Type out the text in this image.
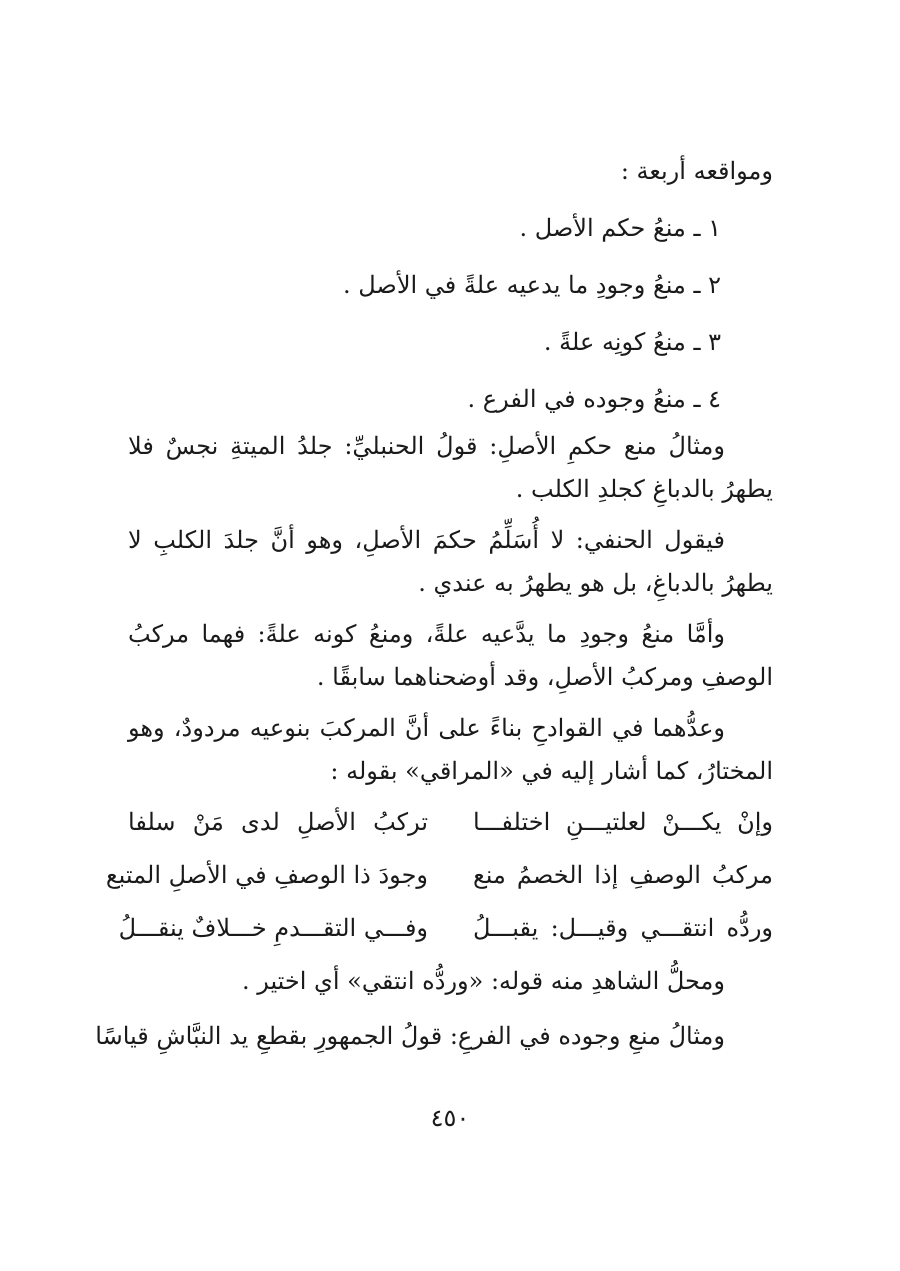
ومواقعه أربعة :
١ ـ منعُ حكم الأصل .
٢ ـ منعُ وجودِ ما يدعيه علةً في الأصل .
٣ ـ منعُ كونِه علةً .
٤ ـ منعُ وجوده في الفرع .
ومثالُ منع حكمِ الأصلِ: قولُ الحنبليِّ: جلدُ الميتةِ نجسٌ فلا يطهرُ بالدباغِ كجلدِ الكلب .
فيقول الحنفي: لا أُسَلِّمُ حكمَ الأصلِ، وهو أنَّ جلدَ الكلبِ لا يطهرُ بالدباغِ، بل هو يطهرُ به عندي .
وأمَّا منعُ وجودِ ما يدَّعيه علةً، ومنعُ كونه علةً: فهما مركبُ الوصفِ ومركبُ الأصلِ، وقد أوضحناهما سابقًا .
وعدُّهما في القوادحِ بناءً على أنَّ المركبَ بنوعيه مردودٌ، وهو المختارُ، كما أشار إليه في «المراقي» بقوله :
وإنْ يكـــنْ لعلتيـــنِ اختلفـــا
تركبُ الأصلِ لدى مَنْ سلفا
مركبُ الوصفِ إذا الخصمُ منع
وجودَ ذا الوصفِ في الأصلِ المتبع
وردُّه انتقـــي وقيـــل: يقبـــلُ
وفـــي التقـــدمِ خـــلافٌ ينقـــلُ
ومحلُّ الشاهدِ منه قوله: «وردُّه انتقي» أي اختير .
ومثالُ منعِ وجوده في الفرعِ: قولُ الجمهورِ بقطعِ يد النبَّاشِ قياسًا
٤٥٠
